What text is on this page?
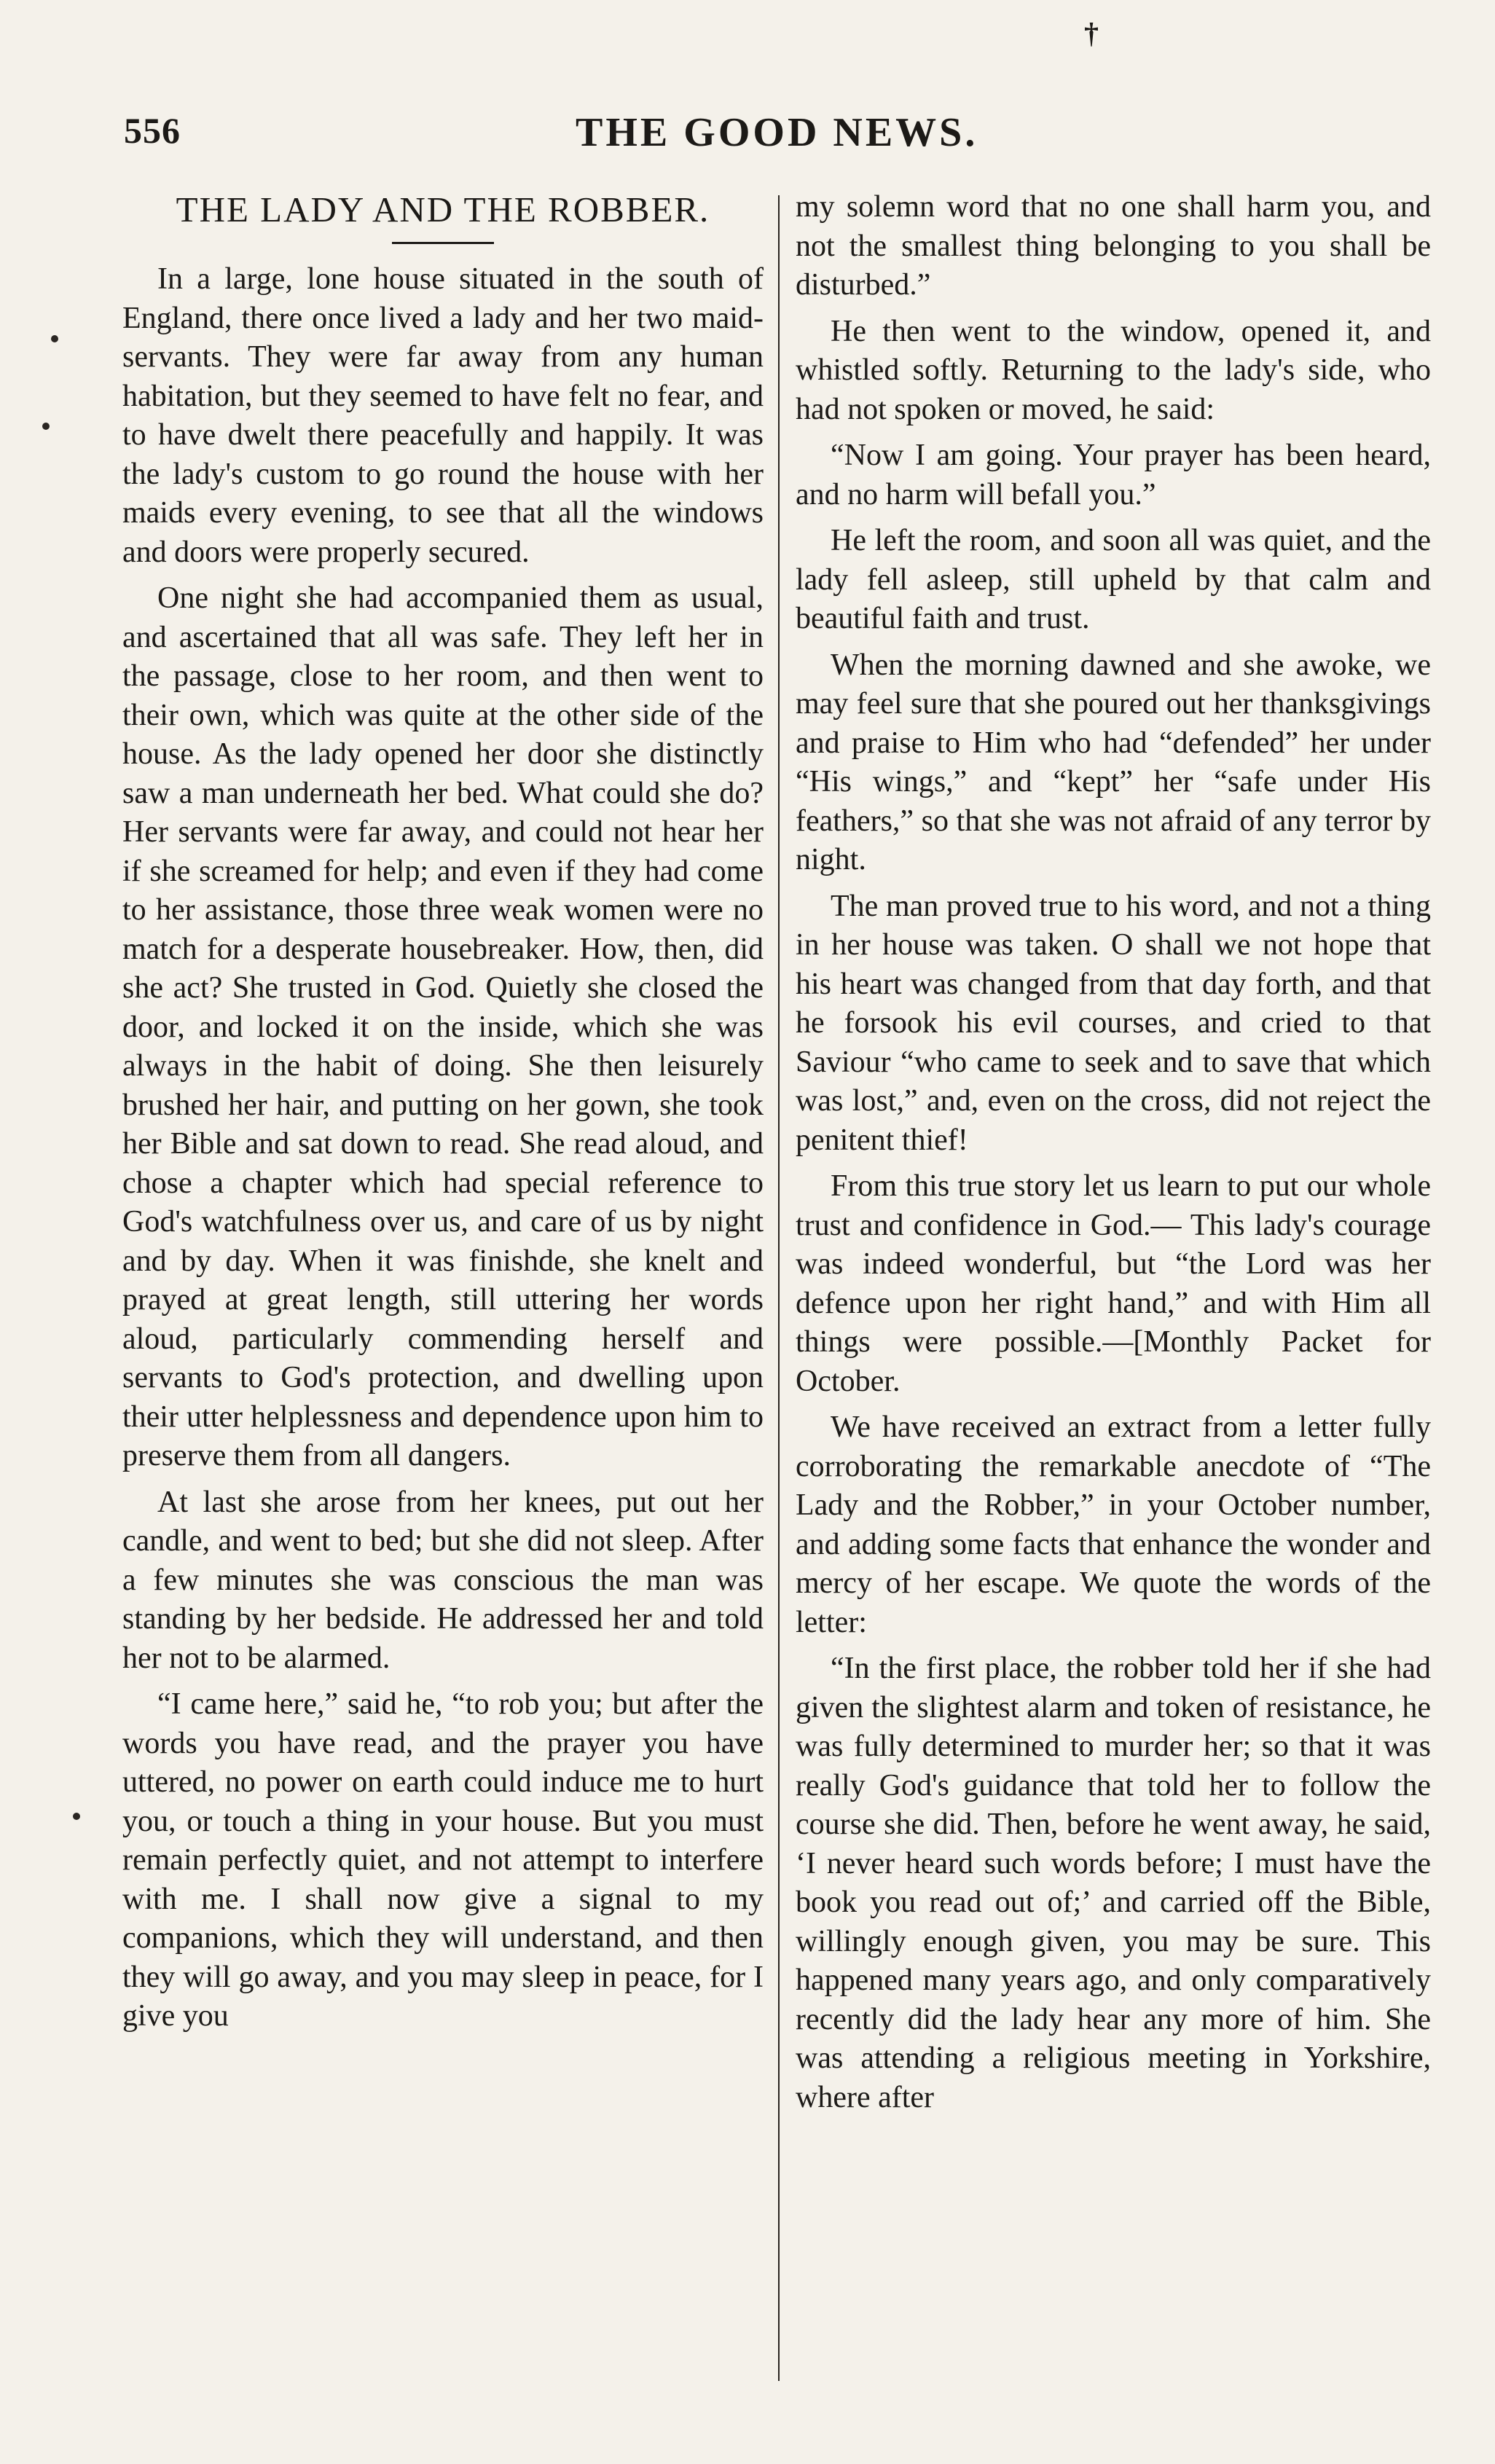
†
556	THE GOOD NEWS.
THE LADY AND THE ROBBER.

In a large, lone house situated in the south of England, there once lived a lady and her two maid-servants. They were far away from any human habitation, but they seemed to have felt no fear, and to have dwelt there peacefully and happily. It was the lady's custom to go round the house with her maids every evening, to see that all the windows and doors were properly secured.

One night she had accompanied them as usual, and ascertained that all was safe. They left her in the passage, close to her room, and then went to their own, which was quite at the other side of the house. As the lady opened her door she distinctly saw a man underneath her bed. What could she do? Her servants were far away, and could not hear her if she screamed for help; and even if they had come to her assistance, those three weak women were no match for a desperate housebreaker. How, then, did she act? She trusted in God. Quietly she closed the door, and locked it on the inside, which she was always in the habit of doing. She then leisurely brushed her hair, and putting on her gown, she took her Bible and sat down to read. She read aloud, and chose a chapter which had special reference to God's watchfulness over us, and care of us by night and by day. When it was finishde, she knelt and prayed at great length, still uttering her words aloud, particularly commending herself and servants to God's protection, and dwelling upon their utter helplessness and dependence upon him to preserve them from all dangers.

At last she arose from her knees, put out her candle, and went to bed; but she did not sleep. After a few minutes she was conscious the man was standing by her bedside. He addressed her and told her not to be alarmed.

“I came here,” said he, “to rob you; but after the words you have read, and the prayer you have uttered, no power on earth could induce me to hurt you, or touch a thing in your house. But you must remain perfectly quiet, and not attempt to interfere with me. I shall now give a signal to my companions, which they will understand, and then they will go away, and you may sleep in peace, for I give you

my solemn word that no one shall harm you, and not the smallest thing belonging to you shall be disturbed.”

He then went to the window, opened it, and whistled softly. Returning to the lady's side, who had not spoken or moved, he said:

“Now I am going. Your prayer has been heard, and no harm will befall you.”

He left the room, and soon all was quiet, and the lady fell asleep, still upheld by that calm and beautiful faith and trust.

When the morning dawned and she awoke, we may feel sure that she poured out her thanksgivings and praise to Him who had “defended” her under “His wings,” and “kept” her “safe under His feathers,” so that she was not afraid of any terror by night.

The man proved true to his word, and not a thing in her house was taken. O shall we not hope that his heart was changed from that day forth, and that he forsook his evil courses, and cried to that Saviour “who came to seek and to save that which was lost,” and, even on the cross, did not reject the penitent thief!

From this true story let us learn to put our whole trust and confidence in God.— This lady's courage was indeed wonderful, but “the Lord was her defence upon her right hand,” and with Him all things were possible.—[Monthly Packet for October.

We have received an extract from a letter fully corroborating the remarkable anecdote of “The Lady and the Robber,” in your October number, and adding some facts that enhance the wonder and mercy of her escape. We quote the words of the letter:

“In the first place, the robber told her if she had given the slightest alarm and token of resistance, he was fully determined to murder her; so that it was really God's guidance that told her to follow the course she did. Then, before he went away, he said, ‘I never heard such words before; I must have the book you read out of;’ and carried off the Bible, willingly enough given, you may be sure. This happened many years ago, and only comparatively recently did the lady hear any more of him. She was attending a religious meeting in Yorkshire, where after
